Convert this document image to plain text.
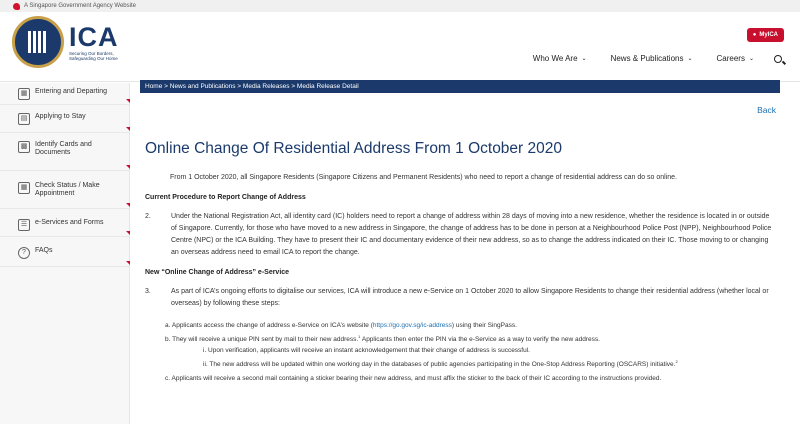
A Singapore Government Agency Website
ICA
Securing Our Borders,
Safeguarding Our Home
● MyICA
Who We Are ⌄	News & Publications ⌄	Careers ⌄
▦	Entering and Departing
▤	Applying to Stay
▩	Identify Cards and Documents
▦	Check Status / Make Appointment
☰	e-Services and Forms
?	FAQs
Home > News and Publications > Media Releases > Media Release Detail
Back
Online Change Of Residential Address From 1 October 2020

From 1 October 2020, all Singapore Residents (Singapore Citizens and Permanent Residents) who need to report a change of residential address can do so online.

Current Procedure to Report Change of Address
2.	Under the National Registration Act, all identity card (IC) holders need to report a change of address within 28 days of moving into a new residence, whether the residence is located in or outside of Singapore. Currently, for those who have moved to a new address in Singapore, the change of address has to be done in person at a Neighbourhood Police Post (NPP), Neighbourhood Police Centre (NPC) or the ICA Building. They have to present their IC and documentary evidence of their new address, so as to change the address indicated on their IC. Those moving to or changing an overseas address need to email ICA to report the change.
New “Online Change of Address” e-Service
3.	As part of ICA’s ongoing efforts to digitalise our services, ICA will introduce a new e-Service on 1 October 2020 to allow Singapore Residents to change their residential address (whether local or overseas) by following these steps:
a. Applicants access the change of address e-Service on ICA’s website (https://go.gov.sg/ic-address) using their SingPass.
b. They will receive a unique PIN sent by mail to their new address.$^1$ Applicants then enter the PIN via the e-Service as a way to verify the new address.
i. Upon verification, applicants will receive an instant acknowledgement that their change of address is successful.
ii. The new address will be updated within one working day in the databases of public agencies participating in the One-Stop Address Reporting (OSCARS) initiative.$^2$
c. Applicants will receive a second mail containing a sticker bearing their new address, and must affix the sticker to the back of their IC according to the instructions provided.
